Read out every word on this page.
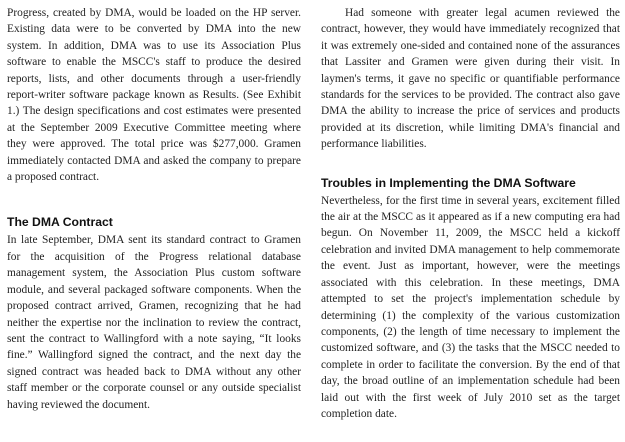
Progress, created by DMA, would be loaded on the HP server. Existing data were to be converted by DMA into the new system. In addition, DMA was to use its Association Plus software to enable the MSCC's staff to produce the desired reports, lists, and other documents through a user-friendly report-writer software package known as Results. (See Exhibit 1.) The design specifications and cost estimates were presented at the September 2009 Executive Committee meeting where they were approved. The total price was $277,000. Gramen immediately contacted DMA and asked the company to prepare a proposed contract.

The DMA Contract

In late September, DMA sent its standard contract to Gramen for the acquisition of the Progress relational database management system, the Association Plus custom software module, and several packaged software components. When the proposed contract arrived, Gramen, recognizing that he had neither the expertise nor the inclination to review the contract, sent the contract to Wallingford with a note saying, “It looks fine.” Wallingford signed the contract, and the next day the signed contract was headed back to DMA without any other staff member or the corporate counsel or any outside specialist having reviewed the document.

Had someone with greater legal acumen reviewed the contract, however, they would have immediately recognized that it was extremely one-sided and contained none of the assurances that Lassiter and Gramen were given during their visit. In laymen's terms, it gave no specific or quantifiable performance standards for the services to be provided. The contract also gave DMA the ability to increase the price of services and products provided at its discretion, while limiting DMA's financial and performance liabilities.

Troubles in Implementing the DMA Software

Nevertheless, for the first time in several years, excitement filled the air at the MSCC as it appeared as if a new computing era had begun. On November 11, 2009, the MSCC held a kickoff celebration and invited DMA management to help commemorate the event. Just as important, however, were the meetings associated with this celebration. In these meetings, DMA attempted to set the project's implementation schedule by determining (1) the complexity of the various customization components, (2) the length of time necessary to implement the customized software, and (3) the tasks that the MSCC needed to complete in order to facilitate the conversion. By the end of that day, the broad outline of an implementation schedule had been laid out with the first week of July 2010 set as the target completion date.
